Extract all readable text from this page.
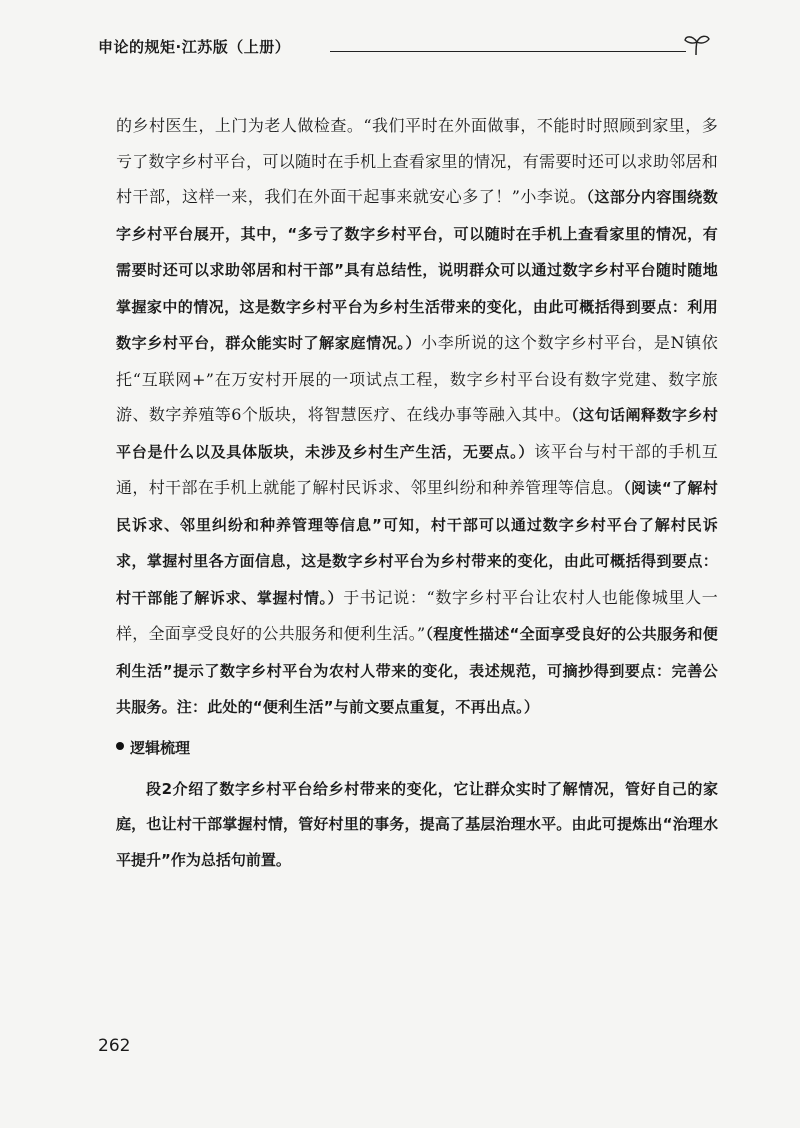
申论的规矩·江苏版（上册）

的乡村医生，上门为老人做检查。“我们平时在外面做事，不能时时照顾到家里，多亏了数字乡村平台，可以随时在手机上查看家里的情况，有需要时还可以求助邻居和村干部，这样一来，我们在外面干起事来就安心多了！”小李说。（这部分内容围绕数字乡村平台展开，其中，“多亏了数字乡村平台，可以随时在手机上查看家里的情况，有需要时还可以求助邻居和村干部”具有总结性，说明群众可以通过数字乡村平台随时随地掌握家中的情况，这是数字乡村平台为乡村生活带来的变化，由此可概括得到要点：利用数字乡村平台，群众能实时了解家庭情况。）小李所说的这个数字乡村平台，是N镇依托“互联网+”在万安村开展的一项试点工程，数字乡村平台设有数字党建、数字旅游、数字养殖等6个版块，将智慧医疗、在线办事等融入其中。（这句话阐释数字乡村平台是什么以及具体版块，未涉及乡村生产生活，无要点。）该平台与村干部的手机互通，村干部在手机上就能了解村民诉求、邻里纠纷和种养管理等信息。（阅读“了解村民诉求、邻里纠纷和种养管理等信息”可知，村干部可以通过数字乡村平台了解村民诉求，掌握村里各方面信息，这是数字乡村平台为乡村带来的变化，由此可概括得到要点：村干部能了解诉求、掌握村情。）于书记说：“数字乡村平台让农村人也能像城里人一样，全面享受良好的公共服务和便利生活。”（程度性描述“全面享受良好的公共服务和便利生活”提示了数字乡村平台为农村人带来的变化，表述规范，可摘抄得到要点：完善公共服务。注：此处的“便利生活”与前文要点重复，不再出点。）

逻辑梳理

段2介绍了数字乡村平台给乡村带来的变化，它让群众实时了解情况，管好自己的家庭，也让村干部掌握村情，管好村里的事务，提高了基层治理水平。由此可提炼出“治理水平提升”作为总括句前置。

262
